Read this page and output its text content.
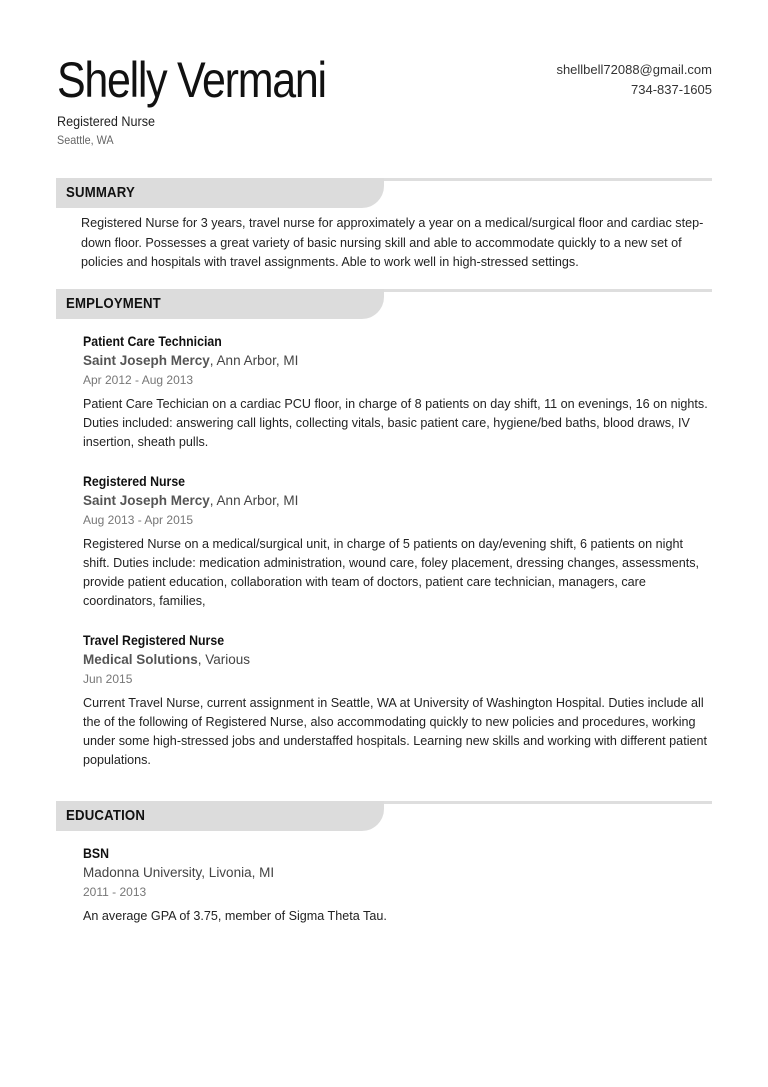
Shelly Vermani
Registered Nurse
Seattle, WA
shellbell72088@gmail.com
734-837-1605
SUMMARY

Registered Nurse for 3 years, travel nurse for approximately a year on a medical/surgical floor and cardiac step-down floor. Possesses a great variety of basic nursing skill and able to accommodate quickly to a new set of policies and hospitals with travel assignments. Able to work well in high-stressed settings.

EMPLOYMENT
Patient Care Technician
Saint Joseph Mercy, Ann Arbor, MI
Apr 2012 - Aug 2013
Patient Care Techician on a cardiac PCU floor, in charge of 8 patients on day shift, 11 on evenings, 16 on nights. Duties included: answering call lights, collecting vitals, basic patient care, hygiene/bed baths, blood draws, IV insertion, sheath pulls.
Registered Nurse
Saint Joseph Mercy, Ann Arbor, MI
Aug 2013 - Apr 2015
Registered Nurse on a medical/surgical unit, in charge of 5 patients on day/evening shift, 6 patients on night shift. Duties include: medication administration, wound care, foley placement, dressing changes, assessments, provide patient education, collaboration with team of doctors, patient care technician, managers, care coordinators, families,
Travel Registered Nurse
Medical Solutions, Various
Jun 2015
Current Travel Nurse, current assignment in Seattle, WA at University of Washington Hospital. Duties include all the of the following of Registered Nurse, also accommodating quickly to new policies and procedures, working under some high-stressed jobs and understaffed hospitals. Learning new skills and working with different patient populations.
EDUCATION
BSN
Madonna University, Livonia, MI
2011 - 2013
An average GPA of 3.75, member of Sigma Theta Tau.
